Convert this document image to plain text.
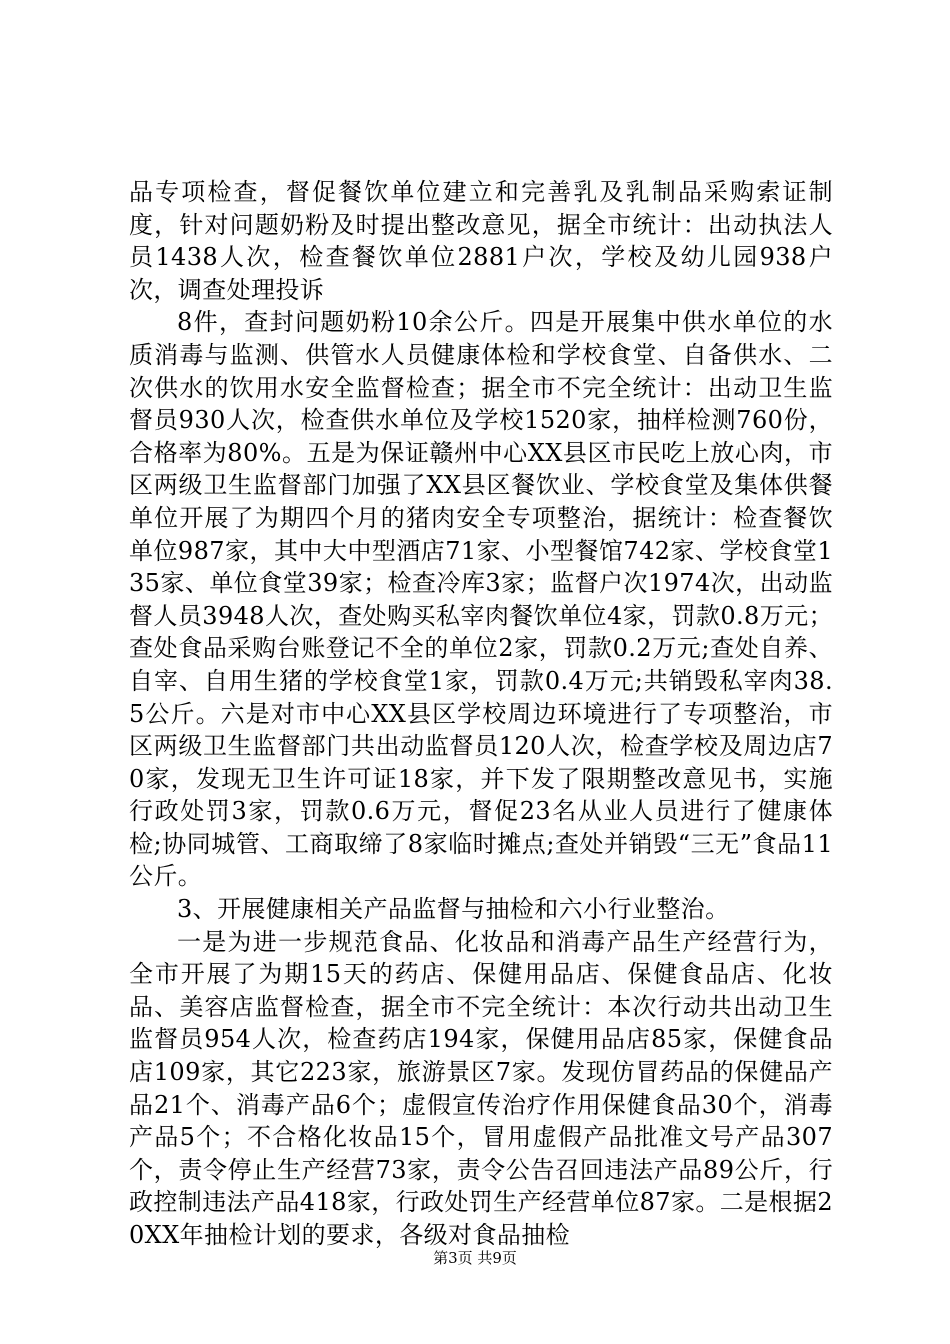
品专项检查，督促餐饮单位建立和完善乳及乳制品采购索证制度，针对问题奶粉及时提出整改意见，据全市统计：出动执法人员1438人次，检查餐饮单位2881户次，学校及幼儿园938户次，调查处理投诉

8件，查封问题奶粉10余公斤。四是开展集中供水单位的水质消毒与监测、供管水人员健康体检和学校食堂、自备供水、二次供水的饮用水安全监督检查；据全市不完全统计：出动卫生监督员930人次，检查供水单位及学校1520家，抽样检测760份，合格率为80%。五是为保证赣州中心XX县区市民吃上放心肉，市区两级卫生监督部门加强了XX县区餐饮业、学校食堂及集体供餐单位开展了为期四个月的猪肉安全专项整治，据统计：检查餐饮单位987家，其中大中型酒店71家、小型餐馆742家、学校食堂135家、单位食堂39家；检查冷库3家；监督户次1974次，出动监督人员3948人次，查处购买私宰肉餐饮单位4家，罚款0.8万元；查处食品采购台账登记不全的单位2家，罚款0.2万元;查处自养、自宰、自用生猪的学校食堂1家，罚款0.4万元;共销毁私宰肉38.5公斤。六是对市中心XX县区学校周边环境进行了专项整治，市区两级卫生监督部门共出动监督员120人次，检查学校及周边店70家，发现无卫生许可证18家，并下发了限期整改意见书，实施行政处罚3家，罚款0.6万元，督促23名从业人员进行了健康体检;协同城管、工商取缔了8家临时摊点;查处并销毁“三无”食品11公斤。

3、开展健康相关产品监督与抽检和六小行业整治。

一是为进一步规范食品、化妆品和消毒产品生产经营行为，全市开展了为期15天的药店、保健用品店、保健食品店、化妆品、美容店监督检查，据全市不完全统计：本次行动共出动卫生监督员954人次，检查药店194家，保健用品店85家，保健食品店109家，其它223家，旅游景区7家。发现仿冒药品的保健品产品21个、消毒产品6个；虚假宣传治疗作用保健食品30个，消毒产品5个；不合格化妆品15个，冒用虚假产品批准文号产品307个，责令停止生产经营73家，责令公告召回违法产品89公斤，行政控制违法产品418家，行政处罚生产经营单位87家。二是根据20XX年抽检计划的要求，各级对食品抽检

第3页 共9页
